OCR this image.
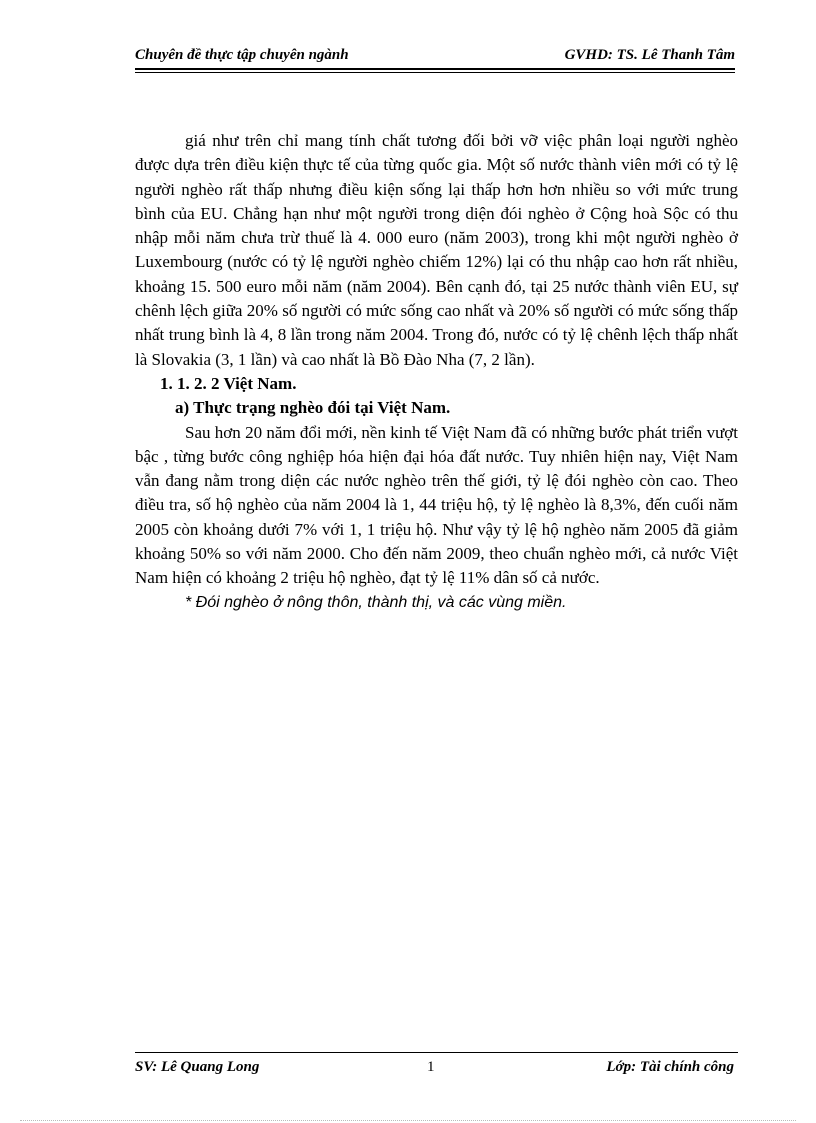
Chuyên đề thực tập chuyên ngành	GVHD: TS. Lê Thanh Tâm

giá như trên chỉ mang tính chất tương đối bởi vỡ việc phân loại người nghèo được dựa trên điều kiện thực tế của từng quốc gia. Một số nước thành viên mới có tỷ lệ người nghèo rất thấp nhưng điều kiện sống lại thấp hơn hơn nhiều so với mức trung bình của EU. Chẳng hạn như một người trong diện đói nghèo ở Cộng hoà Sộc có thu nhập mỗi năm chưa trừ thuế là 4. 000 euro (năm 2003), trong khi một người nghèo ở Luxembourg (nước có tỷ lệ người nghèo chiếm 12%) lại có thu nhập cao hơn rất nhiều, khoảng 15. 500 euro mỗi năm (năm 2004). Bên cạnh đó, tại 25 nước thành viên EU, sự chênh lệch giữa 20% số người có mức sống cao nhất và 20% số người có mức sống thấp nhất trung bình là 4, 8 lần trong năm 2004. Trong đó, nước có tỷ lệ chênh lệch thấp nhất là Slovakia (3, 1 lần) và cao nhất là Bồ Đào Nha (7, 2 lần).

1. 1. 2. 2 Việt Nam.

a) Thực trạng nghèo đói tại Việt Nam.

Sau hơn 20 năm đổi mới, nền kinh tế Việt Nam đã có những bước phát triển vượt bậc , từng bước công nghiệp hóa hiện đại hóa đất nước. Tuy nhiên hiện nay, Việt Nam vẫn đang nằm trong diện các nước nghèo trên thế giới, tỷ lệ đói nghèo còn cao. Theo điều tra, số hộ nghèo của năm 2004 là 1, 44 triệu hộ, tỷ lệ nghèo là 8,3%, đến cuối năm 2005 còn khoảng dưới 7% với 1, 1 triệu hộ. Như vậy tỷ lệ hộ nghèo năm 2005 đã giảm khoảng 50% so với năm 2000. Cho đến năm 2009, theo chuẩn nghèo mới, cả nước Việt Nam hiện có khoảng 2 triệu hộ nghèo, đạt tỷ lệ 11% dân số cả nước.

* Đói nghèo ở nông thôn, thành thị, và các vùng miền.

SV: Lê Quang Long	1	Lớp: Tài chính công
